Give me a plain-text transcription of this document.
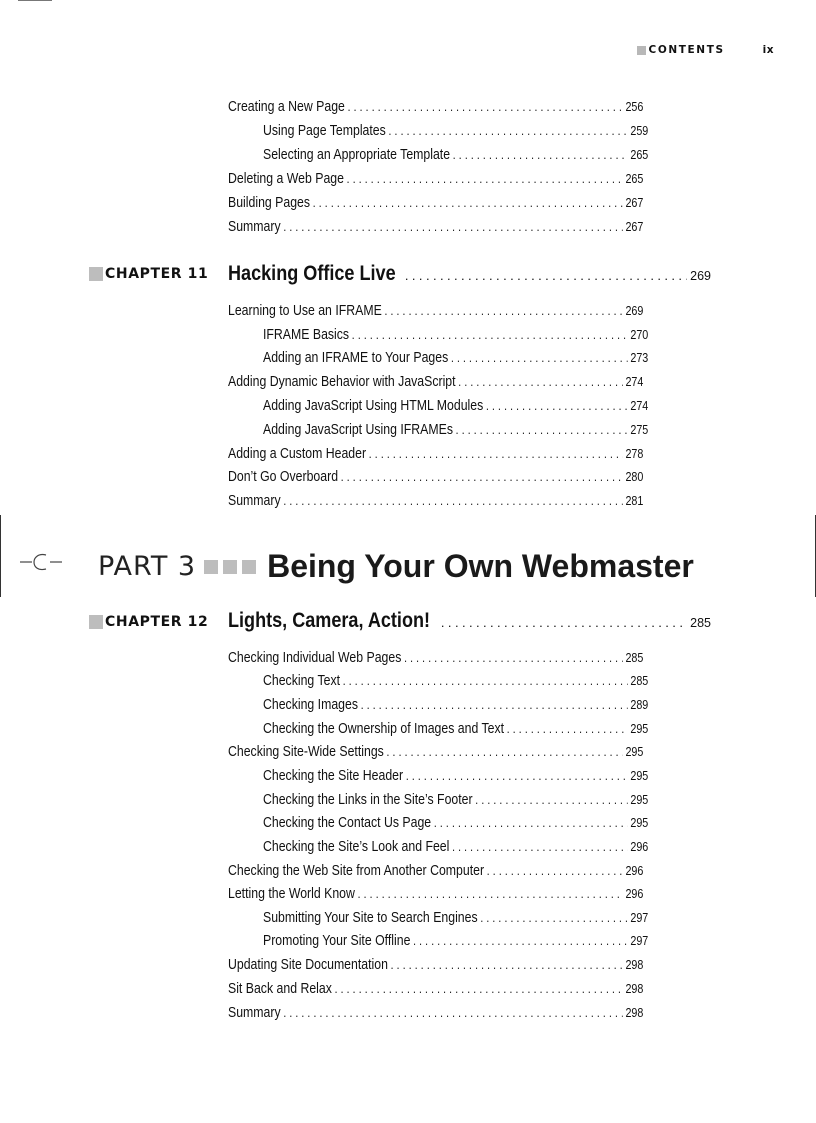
CONTENTS	ix
Creating a New Page .....	256
Using Page Templates .....	259
Selecting an Appropriate Template .....	265
Deleting a Web Page .....	265
Building Pages .....	267
Summary .....	267
CHAPTER 11 Hacking Office Live .....	269
Learning to Use an IFRAME .....	269
IFRAME Basics .....	270
Adding an IFRAME to Your Pages .....	273
Adding Dynamic Behavior with JavaScript .....	274
Adding JavaScript Using HTML Modules .....	274
Adding JavaScript Using IFRAMEs .....	275
Adding a Custom Header .....	278
Don’t Go Overboard .....	280
Summary .....	281
PART 3 Being Your Own Webmaster
CHAPTER 12 Lights, Camera, Action! .....	285
Checking Individual Web Pages .....	285
Checking Text .....	285
Checking Images .....	289
Checking the Ownership of Images and Text .....	295
Checking Site-Wide Settings .....	295
Checking the Site Header .....	295
Checking the Links in the Site’s Footer .....	295
Checking the Contact Us Page .....	295
Checking the Site’s Look and Feel .....	296
Checking the Web Site from Another Computer .....	296
Letting the World Know .....	296
Submitting Your Site to Search Engines .....	297
Promoting Your Site Offline .....	297
Updating Site Documentation .....	298
Sit Back and Relax .....	298
Summary .....	298
